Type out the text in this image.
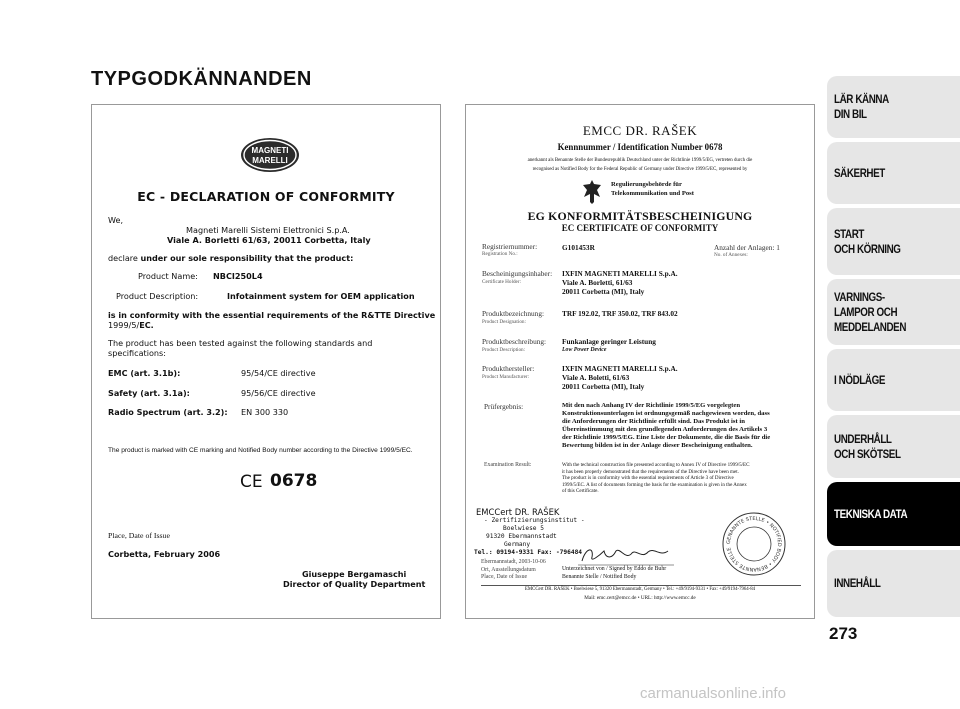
TYPGODKÄNNANDEN
MAGNETI
MARELLI
EC - DECLARATION OF CONFORMITY
We,
Magneti Marelli Sistemi Elettronici S.p.A.
Viale A. Borletti 61/63, 20011 Corbetta, Italy
declare under our sole responsibility that the product:
Product Name: NBCI250L4
Product Description:	Infotainment system for OEM application
is in conformity with the essential requirements of the R&TTE Directive
1999/5/EC.
The product has been tested against the following standards and
specifications:
EMC (art. 3.1b):	95/54/CE directive
Safety (art. 3.1a):	95/56/CE directive
Radio Spectrum (art. 3.2): EN 300 330
The product is marked with CE marking and Notified Body number according to the Directive 1999/5/EC.
CE 0678
Place, Date of Issue
Corbetta, February 2006
Giuseppe Bergamaschi
Director of Quality Department
EMCC DR. RAŠEK
Kennnummer / Identification Number 0678
anerkannt als Benannte Stelle der Bundesrepublik Deutschland unter der Richtlinie 1999/5/EG, vertreten durch die
recognised as Notified Body for the Federal Republic of Germany under Directive 1999/5/EC, represented by
Regulierungsbehörde für
Telekommunikation und Post
EG KONFORMITÄTSBESCHEINIGUNG
EC CERTIFICATE OF CONFORMITY
Registriernummer:
Registration No.:
G101453R	Anzahl der Anlagen: 1
No. of Annexes:
Bescheinigungsinhaber:
Certificate Holder:
IXFIN MAGNETI MARELLI S.p.A.
Viale A. Borletti, 61/63
20011 Corbetta (MI), Italy
Produktbezeichnung:
Product Designation:
TRF 192.02, TRF 350.02, TRF 843.02
Produktbeschreibung:
Product Description:
Funkanlage geringer Leistung
Low Power Device
Produkthersteller:
Product Manufacturer:
IXFIN MAGNETI MARELLI S.p.A.
Viale A. Boletti, 61/63
20011 Corbetta (MI), Italy
Prüfergebnis:	Mit den nach Anhang IV der Richtlinie 1999/5/EG vorgelegten
Konstruktionsunterlagen ist ordnungsgemäß nachgewiesen worden, dass
die Anforderungen der Richtlinie erfüllt sind. Das Produkt ist in
Übereinstimmung mit den grundlegenden Anforderungen des Artikels 3
der Richtlinie 1999/5/EG. Eine Liste der Dokumente, die die Basis für die
Bewertung bilden ist in der Anlage dieser Bescheinigung enthalten.
Examination Result:	With the technical construction file presented according to Annex IV of Directive 1999/5/EC
it has been properly demonstrated that the requirements of the Directive have been met.
The product is in conformity with the essential requirements of Article 3 of Directive
1999/5/EC. A list of documents forming the basis for the examination is given in the Annex
of this Certificate.
EMCCert DR. RAŠEK
- Zertifizierungsinstitut -
Boelwiese 5
91320 Ebermannstadt
Germany
Tel.: 09194-9331 Fax: -796484
Ebermannstadt, 2003-10-06
Ort, Ausstellungsdatum
Place, Date of Issue
Unterzeichnet von / Signed by Eddo de Buhr
Benannte Stelle / Notified Body
GENANNTE STELLE • NOTIFIED BODY • BENANNTE STELLE
EMCCert DR. RAŠEK • Boelwiese 5, 91320 Ebermannstadt, Germany • Tel.: +49/9194-9331 • Fax: +49/9194-7964-84
Mail: emc.cert@emcc.de • URL: http://www.emcc.de
LÄR KÄNNA
DIN BIL
SÄKERHET
START
OCH KÖRNING
VARNINGS-
LAMPOR OCH
MEDDELANDEN
I NÖDLÄGE
UNDERHÅLL
OCH SKÖTSEL
TEKNISKA DATA
INNEHÅLL
273
carmanualsonline.info
